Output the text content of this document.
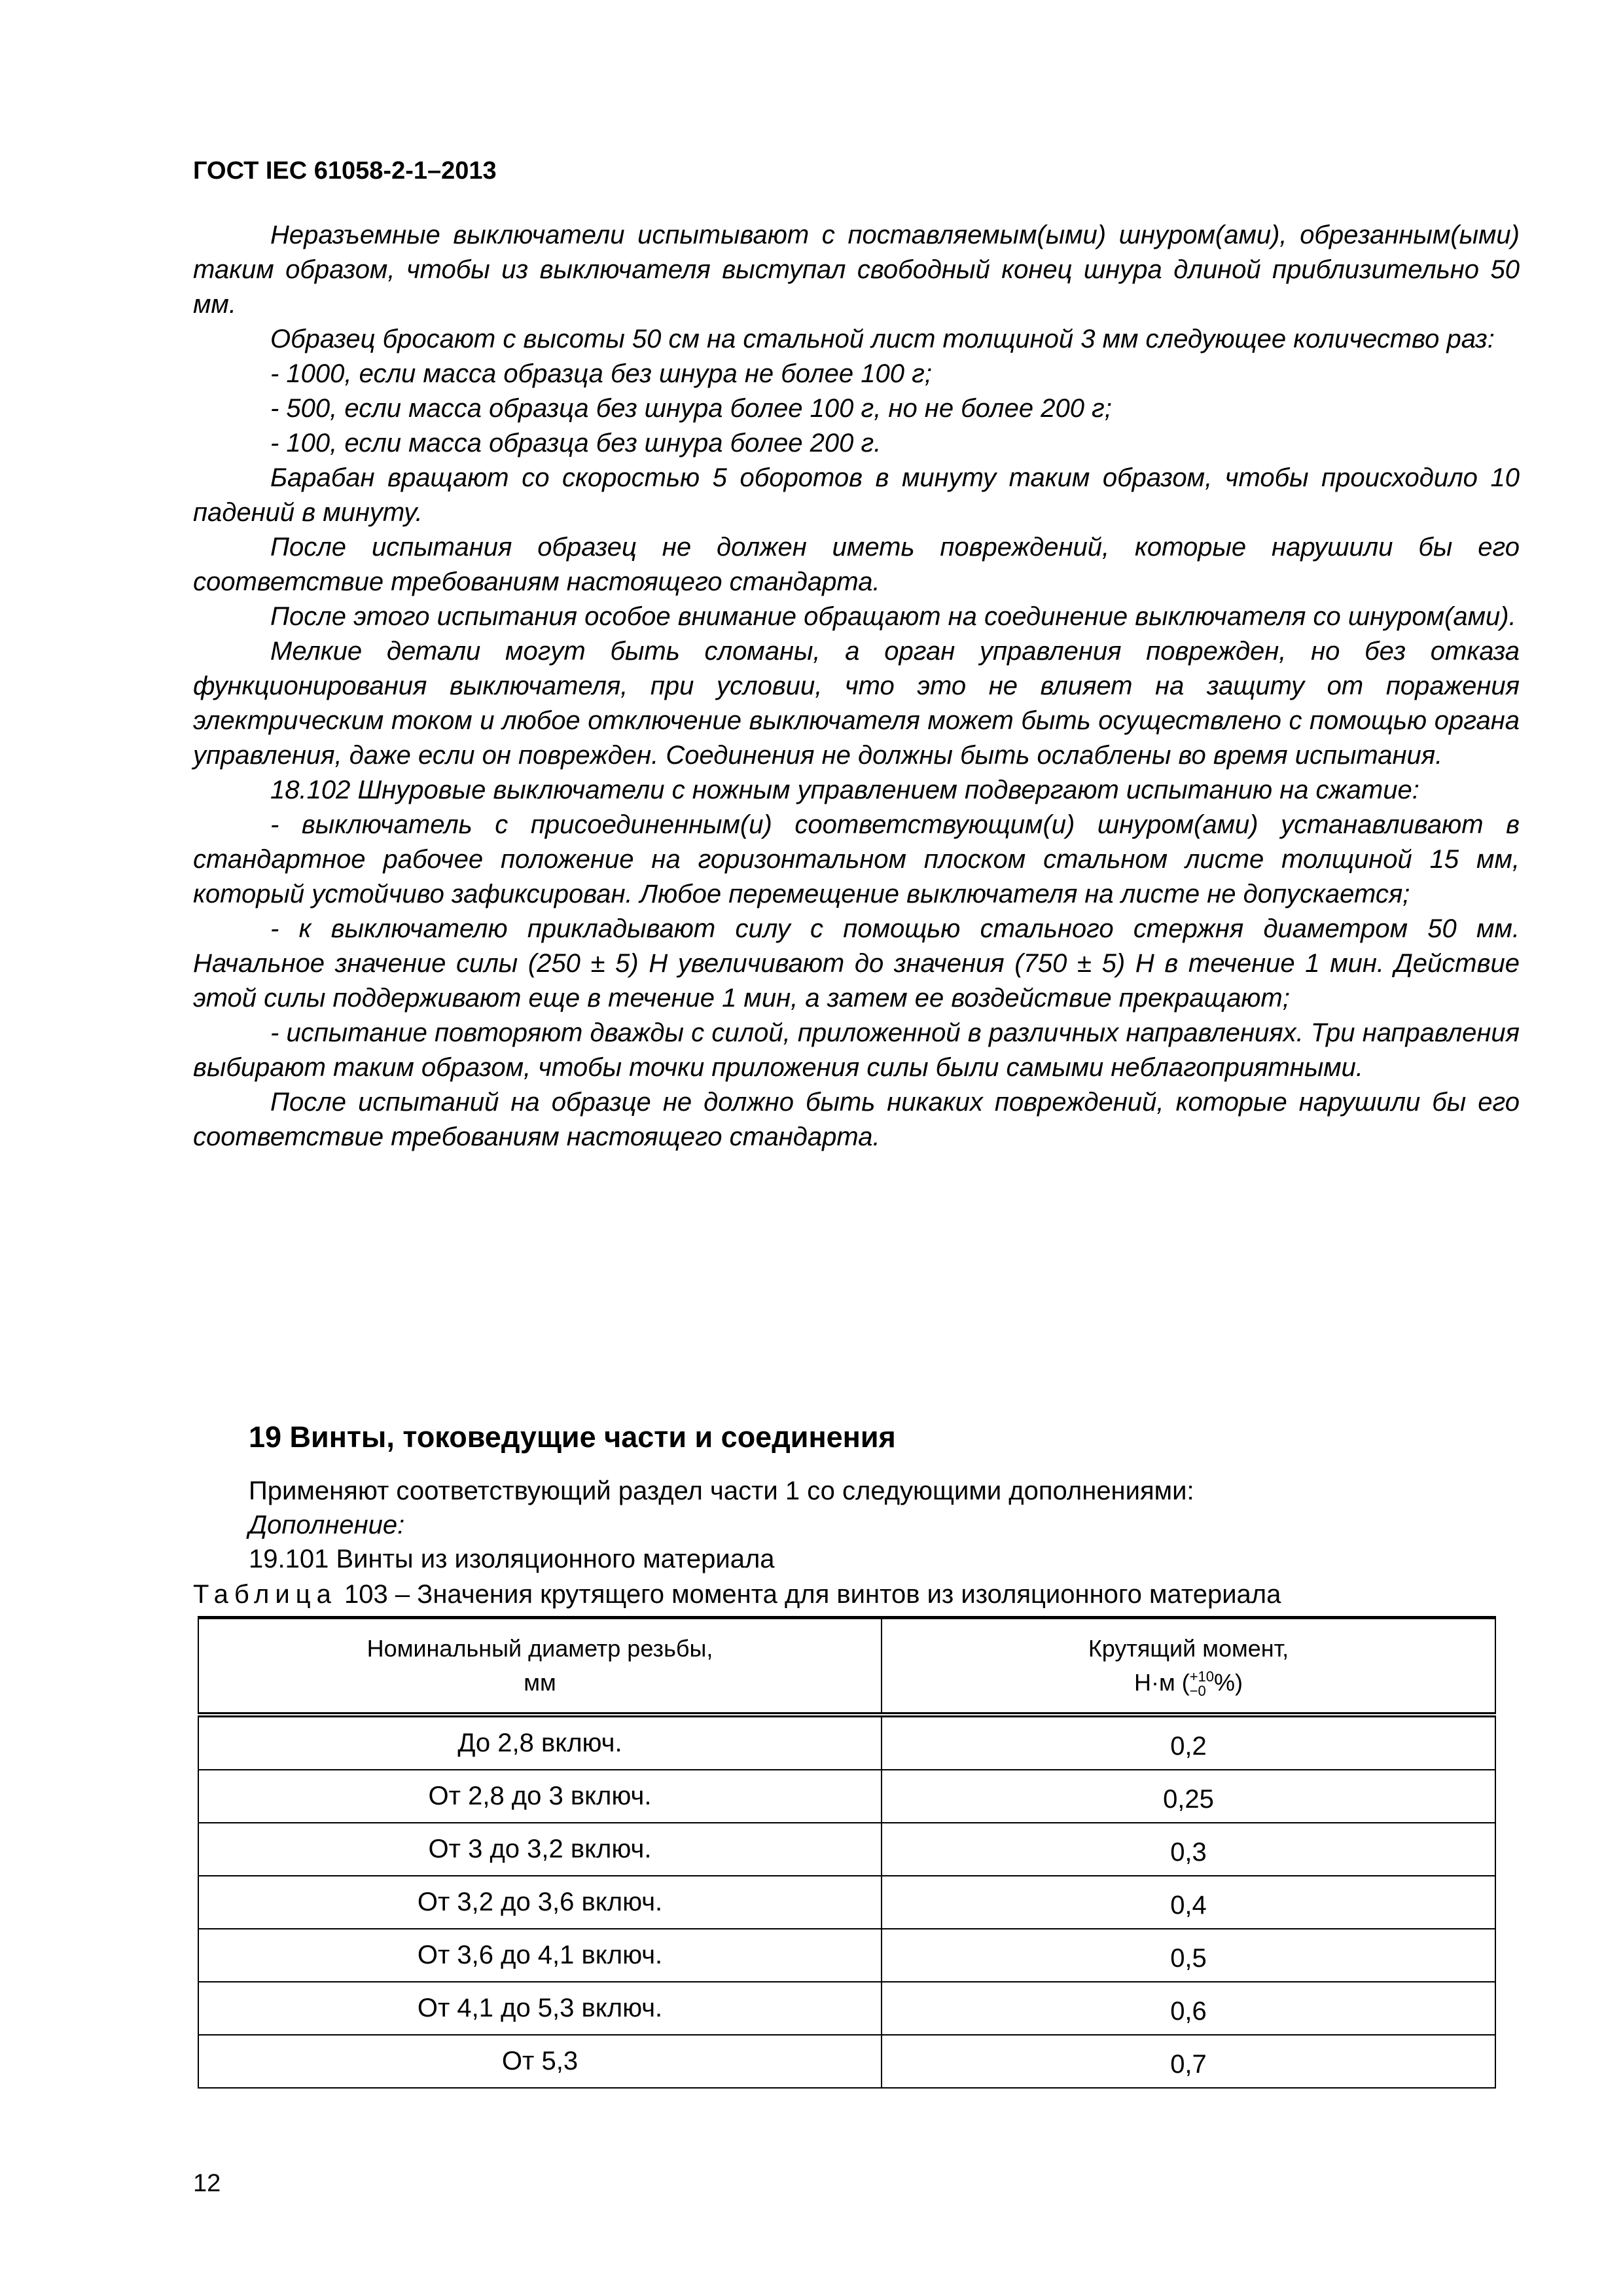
ГОСТ IEC 61058-2-1–2013

Неразъемные выключатели испытывают с поставляемым(ыми) шнуром(ами), обрезанным(ыми) таким образом, чтобы из выключателя выступал свободный конец шнура длиной приблизительно 50 мм.

Образец бросают с высоты 50 см на стальной лист толщиной 3 мм следующее количество раз:

- 1000, если масса образца без шнура не более 100 г;

- 500, если масса образца без шнура более 100 г, но не более 200 г;

- 100, если масса образца без шнура более 200 г.

Барабан вращают со скоростью 5 оборотов в минуту таким образом, чтобы происходило 10 падений в минуту.

После испытания образец не должен иметь повреждений, которые нарушили бы его соответствие требованиям настоящего стандарта.

После этого испытания особое внимание обращают на соединение выключателя со шнуром(ами).

Мелкие детали могут быть сломаны, а орган управления поврежден, но без отказа функционирования выключателя, при условии, что это не влияет на защиту от поражения электрическим током и любое отключение выключателя может быть осуществлено с помощью органа управления, даже если он поврежден. Соединения не должны быть ослаблены во время испытания.

18.102 Шнуровые выключатели с ножным управлением подвергают испытанию на сжатие:

- выключатель с присоединенным(и) соответствующим(и) шнуром(ами) устанавливают в стандартное рабочее положение на горизонтальном плоском стальном листе толщиной 15 мм, который устойчиво зафиксирован. Любое перемещение выключателя на листе не допускается;

- к выключателю прикладывают силу с помощью стального стержня диаметром 50 мм. Начальное значение силы (250 ± 5) Н увеличивают до значения (750 ± 5) Н в течение 1 мин. Действие этой силы поддерживают еще в течение 1 мин, а затем ее воздействие прекращают;

- испытание повторяют дважды с силой, приложенной в различных направлениях. Три направления выбирают таким образом, чтобы точки приложения силы были самыми неблагоприятными.

После испытаний на образце не должно быть никаких повреждений, которые нарушили бы его соответствие требованиям настоящего стандарта.

19 Винты, токоведущие части и соединения
Применяют соответствующий раздел части 1 со следующими дополнениями:
Дополнение:
19.101 Винты из изоляционного материала
Таблица 103 – Значения крутящего момента для винтов из изоляционного материала
Номинальный диаметр резьбы,
мм	Крутящий момент,
Н·м (+10
−0 %)
До 2,8 включ.	0,2
От 2,8 до 3 включ.	0,25
От 3 до 3,2 включ.	0,3
От 3,2 до 3,6 включ.	0,4
От 3,6 до 4,1 включ.	0,5
От 4,1 до 5,3 включ.	0,6
От 5,3	0,7
12
